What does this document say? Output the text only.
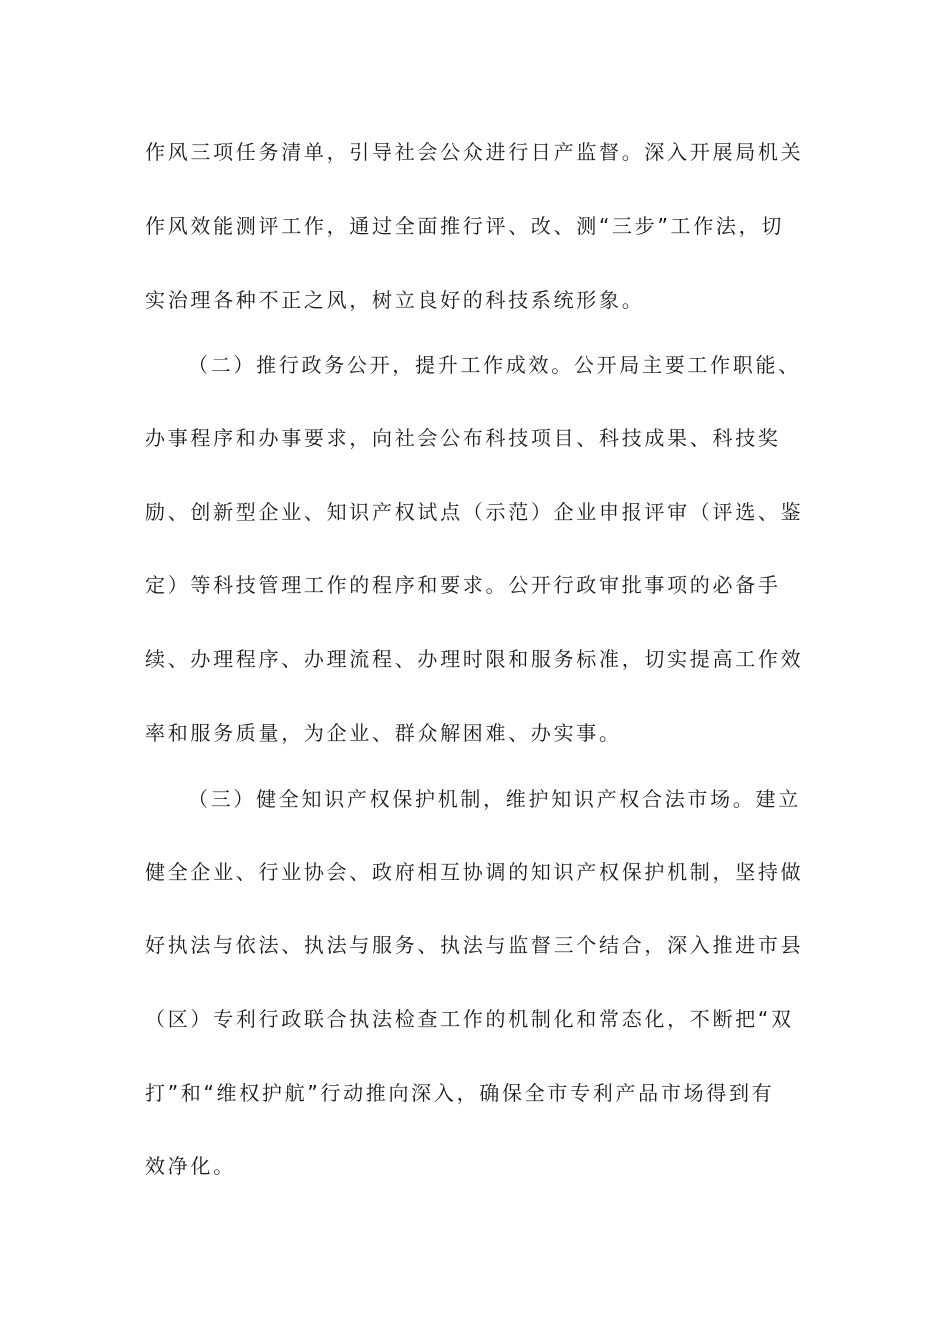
作风三项任务清单，引导社会公众进行日产监督。深入开展局机关
作风效能测评工作，通过全面推行评、改、测“三步”工作法，切
实治理各种不正之风，树立良好的科技系统形象。
（二）推行政务公开，提升工作成效。公开局主要工作职能、
办事程序和办事要求，向社会公布科技项目、科技成果、科技奖
励、创新型企业、知识产权试点（示范）企业申报评审（评选、鉴
定）等科技管理工作的程序和要求。公开行政审批事项的必备手
续、办理程序、办理流程、办理时限和服务标准，切实提高工作效
率和服务质量，为企业、群众解困难、办实事。
（三）健全知识产权保护机制，维护知识产权合法市场。建立
健全企业、行业协会、政府相互协调的知识产权保护机制，坚持做
好执法与依法、执法与服务、执法与监督三个结合，深入推进市县
（区）专利行政联合执法检查工作的机制化和常态化，不断把“双
打”和“维权护航”行动推向深入，确保全市专利产品市场得到有
效净化。
